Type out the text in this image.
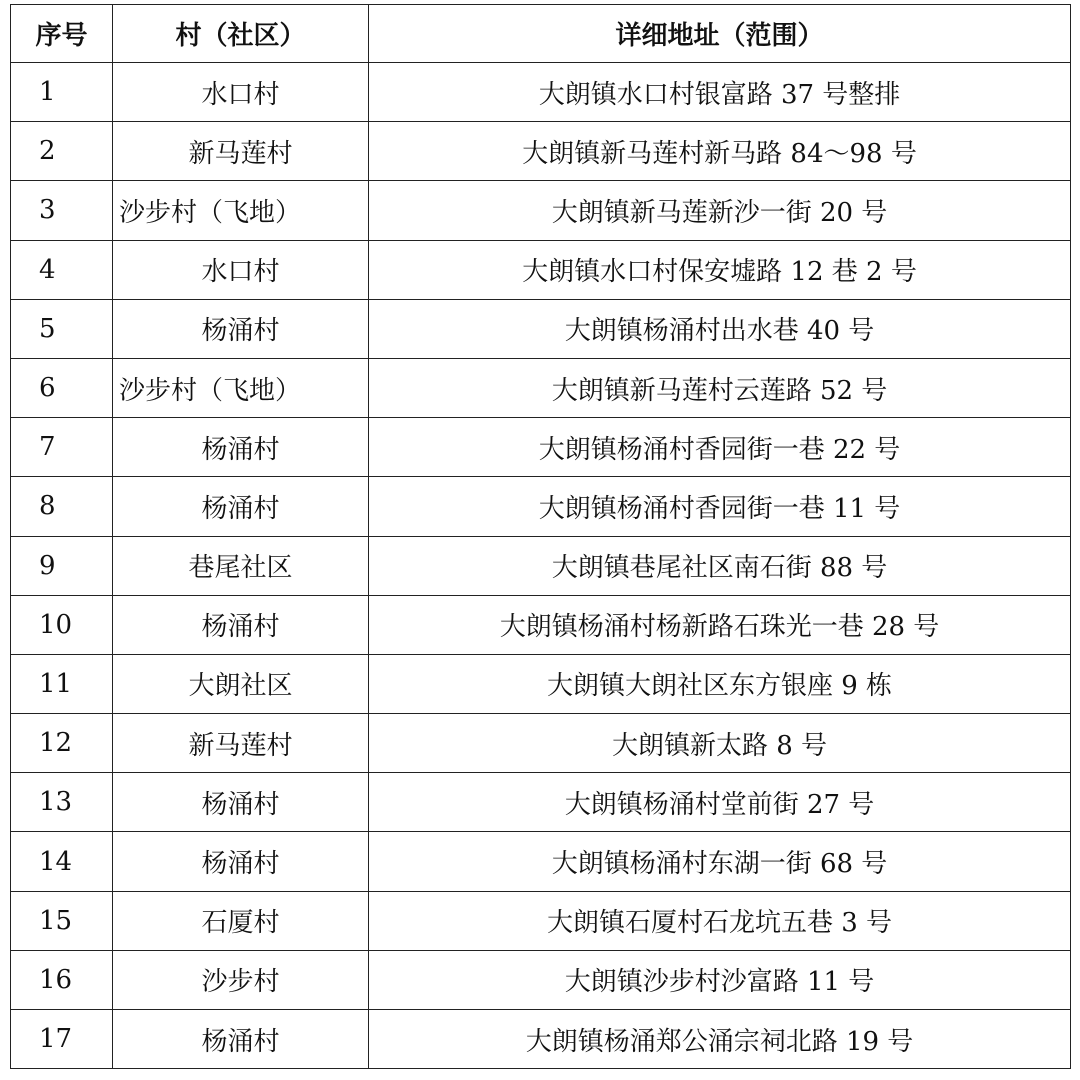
序号	村（社区）	详细地址（范围）
1	水口村	大朗镇水口村银富路 37 号整排
2	新马莲村	大朗镇新马莲村新马路 84～98 号
3	沙步村（飞地）	大朗镇新马莲新沙一街 20 号
4	水口村	大朗镇水口村保安墟路 12 巷 2 号
5	杨涌村	大朗镇杨涌村出水巷 40 号
6	沙步村（飞地）	大朗镇新马莲村云莲路 52 号
7	杨涌村	大朗镇杨涌村香园街一巷 22 号
8	杨涌村	大朗镇杨涌村香园街一巷 11 号
9	巷尾社区	大朗镇巷尾社区南石街 88 号
10	杨涌村	大朗镇杨涌村杨新路石珠光一巷 28 号
11	大朗社区	大朗镇大朗社区东方银座 9 栋
12	新马莲村	大朗镇新太路 8 号
13	杨涌村	大朗镇杨涌村堂前街 27 号
14	杨涌村	大朗镇杨涌村东湖一街 68 号
15	石厦村	大朗镇石厦村石龙坑五巷 3 号
16	沙步村	大朗镇沙步村沙富路 11 号
17	杨涌村	大朗镇杨涌郑公涌宗祠北路 19 号
